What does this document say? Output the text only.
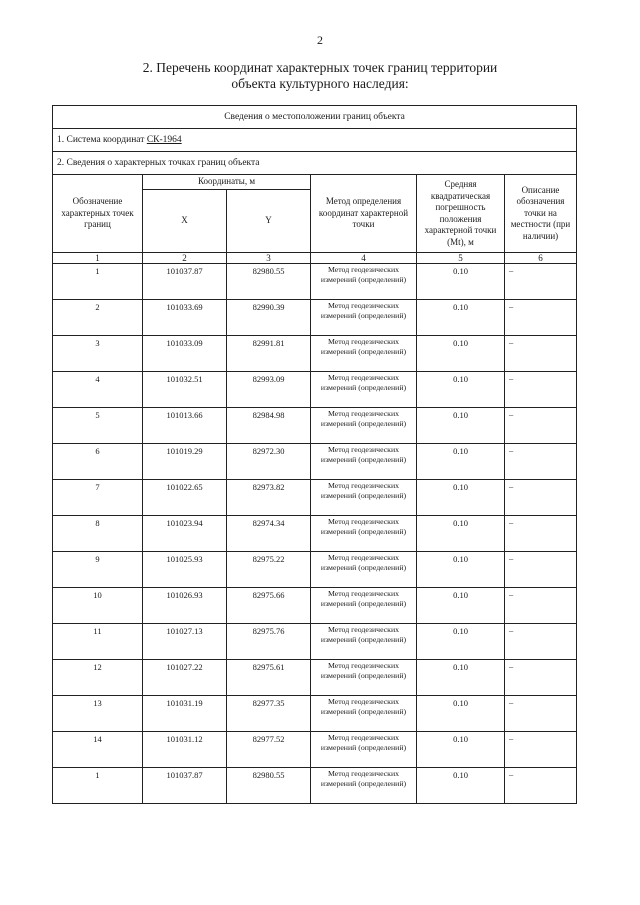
2
2. Перечень координат характерных точек границ территории
объекта культурного наследия:
Сведения о местоположении границ объекта					
1. Система координат СК-1964					
2. Сведения о характерных точках границ объекта					
Обозначение характерных точек границ	Координаты, м		Метод определения координат характерной точки	Средняя квадратическая погрешность положения характерной точки (Mt), м	Описание обозначения точки на местности (при наличии)
	X	Y			
1	2	3	4	5	6
1	101037.87	82980.55	Метод геодезических измерений (определений)	0.10	–
2	101033.69	82990.39	Метод геодезических измерений (определений)	0.10	–
3	101033.09	82991.81	Метод геодезических измерений (определений)	0.10	–
4	101032.51	82993.09	Метод геодезических измерений (определений)	0.10	–
5	101013.66	82984.98	Метод геодезических измерений (определений)	0.10	–
6	101019.29	82972.30	Метод геодезических измерений (определений)	0.10	–
7	101022.65	82973.82	Метод геодезических измерений (определений)	0.10	–
8	101023.94	82974.34	Метод геодезических измерений (определений)	0.10	–
9	101025.93	82975.22	Метод геодезических измерений (определений)	0.10	–
10	101026.93	82975.66	Метод геодезических измерений (определений)	0.10	–
11	101027.13	82975.76	Метод геодезических измерений (определений)	0.10	–
12	101027.22	82975.61	Метод геодезических измерений (определений)	0.10	–
13	101031.19	82977.35	Метод геодезических измерений (определений)	0.10	–
14	101031.12	82977.52	Метод геодезических измерений (определений)	0.10	–
1	101037.87	82980.55	Метод геодезических измерений (определений)	0.10	–
